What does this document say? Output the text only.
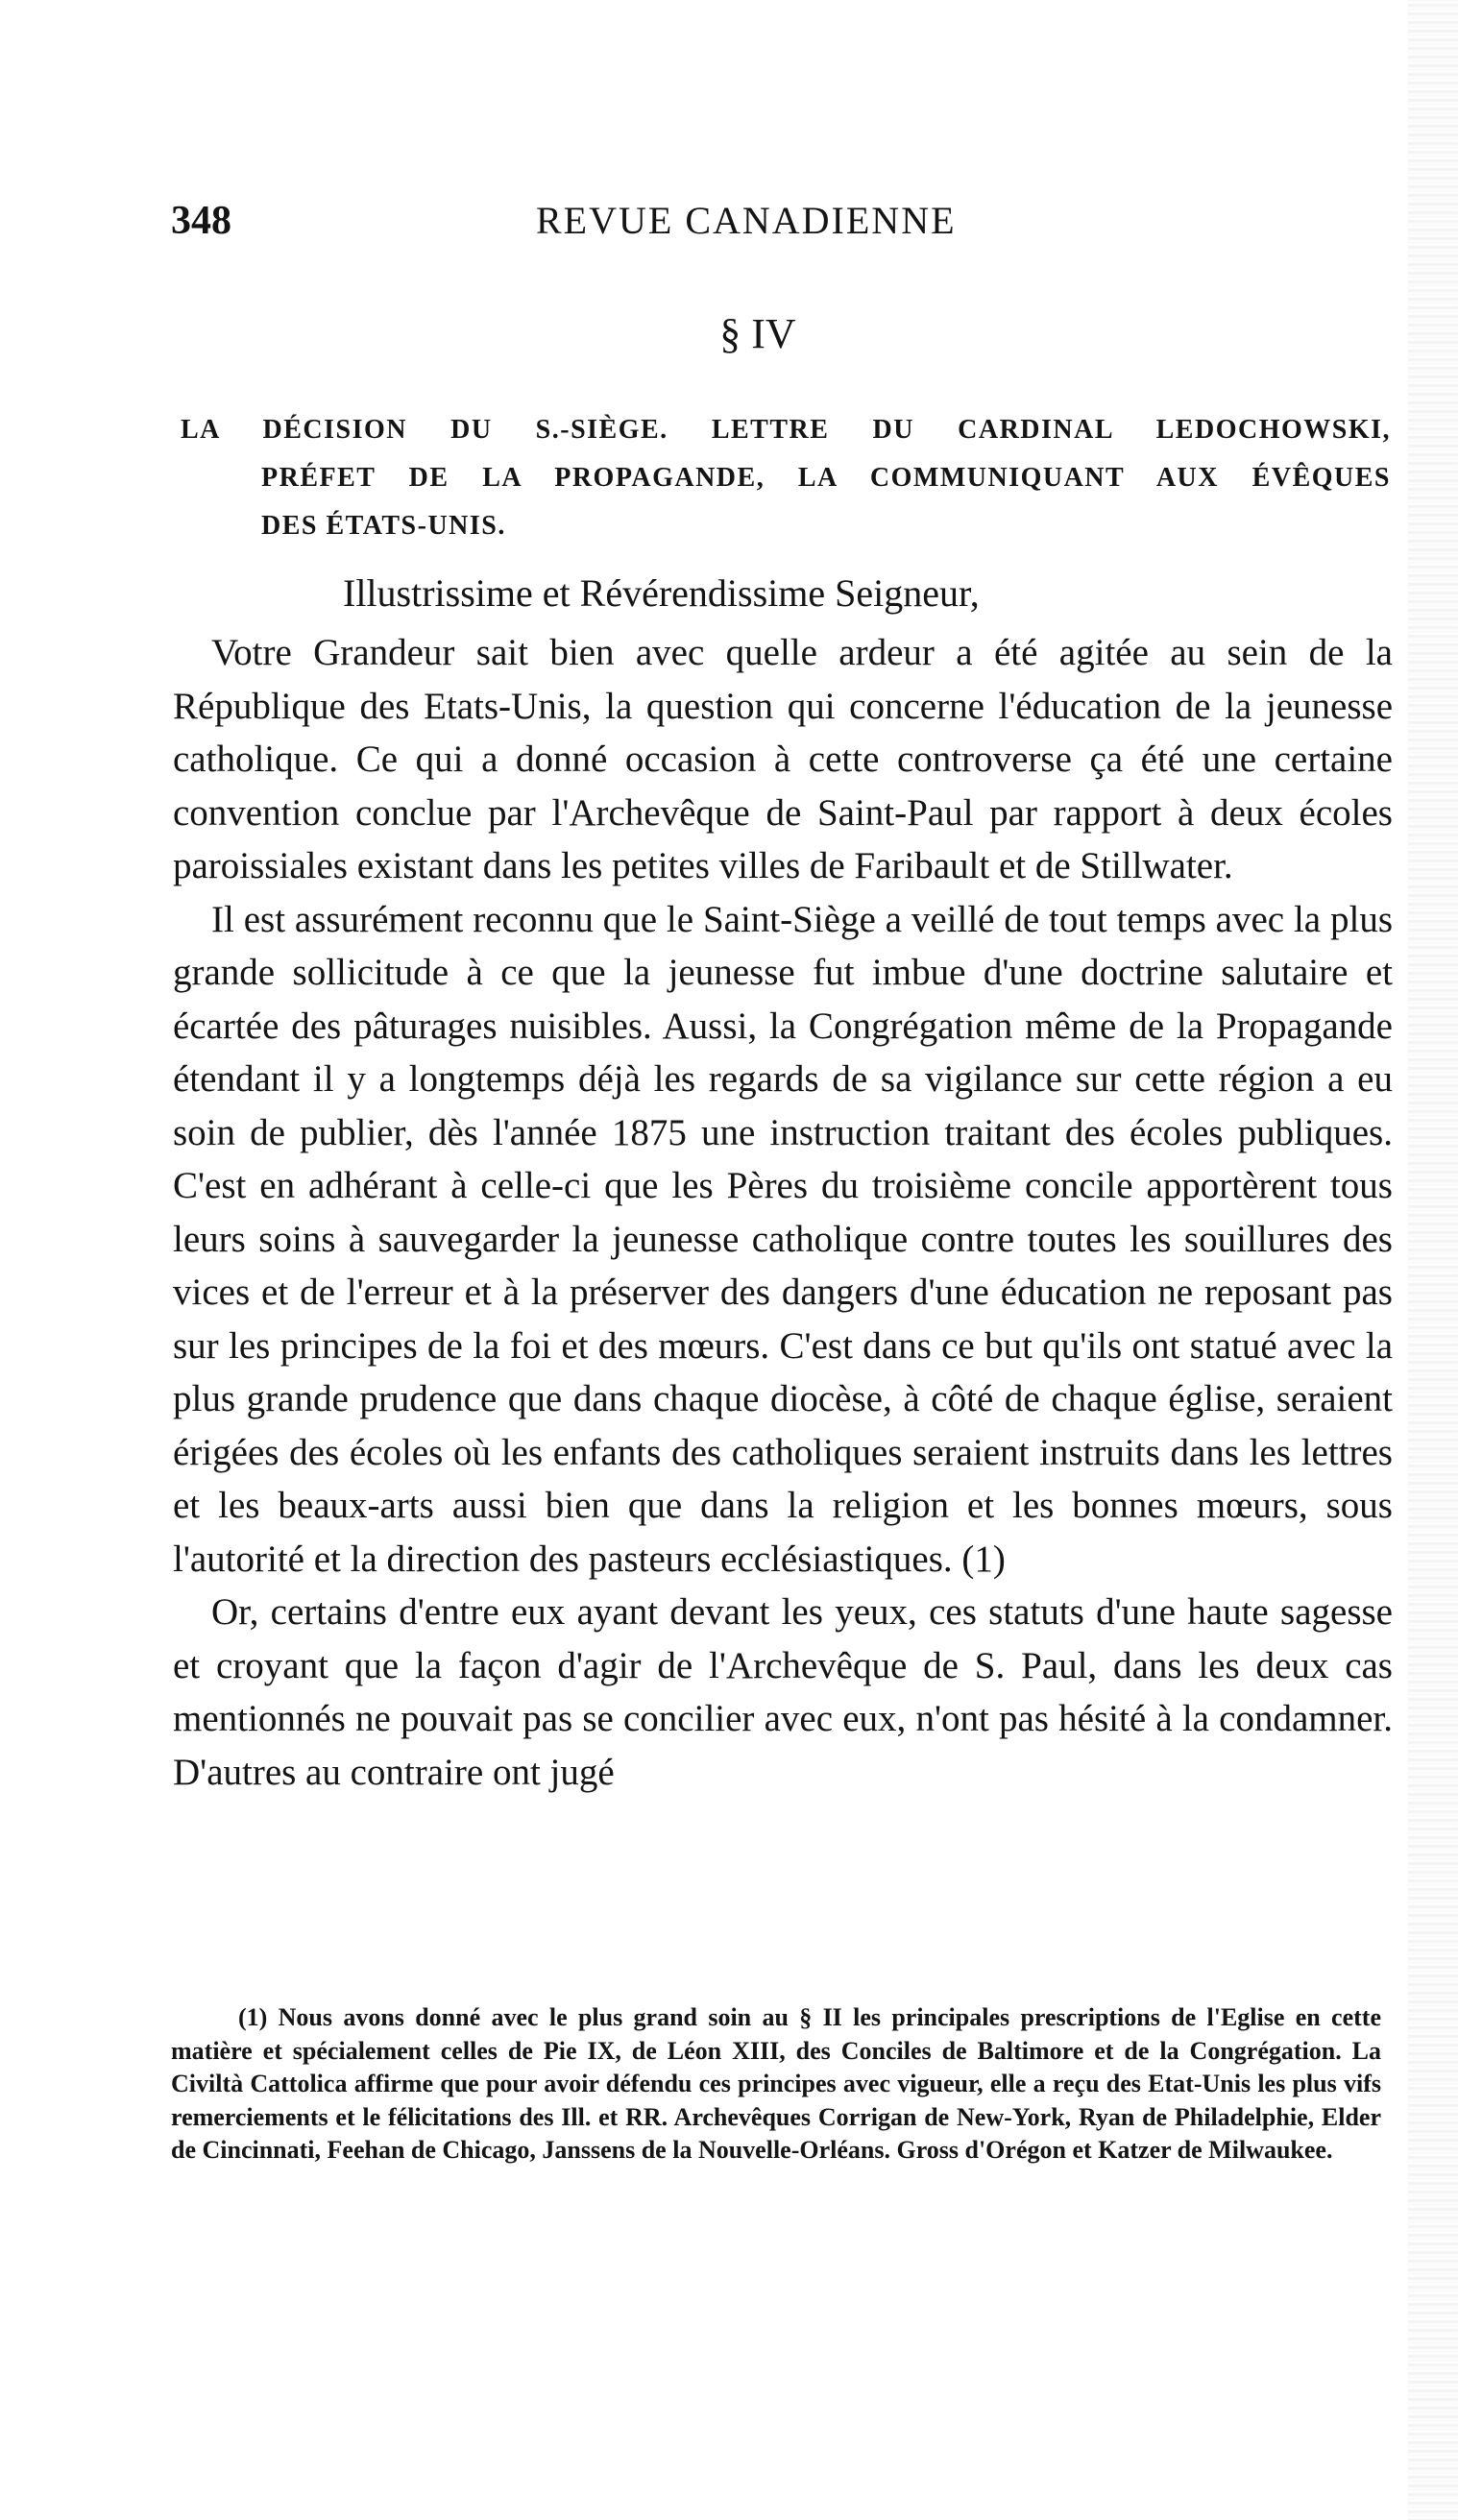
348	REVUE CANADIENNE
§ IV
LA DÉCISION DU S.-SIÈGE. LETTRE DU CARDINAL LEDOCHOWSKI,
PRÉFET DE LA PROPAGANDE, LA COMMUNIQUANT AUX ÉVÊQUES
DES ÉTATS-UNIS.
Illustrissime et Révérendissime Seigneur,

Votre Grandeur sait bien avec quelle ardeur a été agitée au sein de la République des Etats-Unis, la question qui concerne l'éducation de la jeunesse catholique. Ce qui a donné occasion à cette controverse ça été une certaine convention conclue par l'Archevêque de Saint-Paul par rapport à deux écoles paroissiales existant dans les petites villes de Faribault et de Stillwater.

Il est assurément reconnu que le Saint-Siège a veillé de tout temps avec la plus grande sollicitude à ce que la jeunesse fut imbue d'une doctrine salutaire et écartée des pâturages nuisibles. Aussi, la Congrégation même de la Propagande étendant il y a longtemps déjà les regards de sa vigilance sur cette région a eu soin de publier, dès l'année 1875 une instruction traitant des écoles publiques. C'est en adhérant à celle-ci que les Pères du troisième concile apportèrent tous leurs soins à sauvegarder la jeunesse catholique contre toutes les souillures des vices et de l'erreur et à la préserver des dangers d'une éducation ne reposant pas sur les principes de la foi et des mœurs. C'est dans ce but qu'ils ont statué avec la plus grande prudence que dans chaque diocèse, à côté de chaque église, seraient érigées des écoles où les enfants des catholiques seraient instruits dans les lettres et les beaux-arts aussi bien que dans la religion et les bonnes mœurs, sous l'autorité et la direction des pasteurs ecclésiastiques. (1)

Or, certains d'entre eux ayant devant les yeux, ces statuts d'une haute sagesse et croyant que la façon d'agir de l'Archevêque de S. Paul, dans les deux cas mentionnés ne pouvait pas se concilier avec eux, n'ont pas hésité à la condamner. D'autres au contraire ont jugé

(1) Nous avons donné avec le plus grand soin au § II les principales prescriptions de l'Eglise en cette matière et spécialement celles de Pie IX, de Léon XIII, des Conciles de Baltimore et de la Congrégation. La Civiltà Cattolica affirme que pour avoir défendu ces principes avec vigueur, elle a reçu des Etat-Unis les plus vifs remerciements et le félicitations des Ill. et RR. Archevêques Corrigan de New-York, Ryan de Philadelphie, Elder de Cincinnati, Feehan de Chicago, Janssens de la Nouvelle-Orléans. Gross d'Orégon et Katzer de Milwaukee.
